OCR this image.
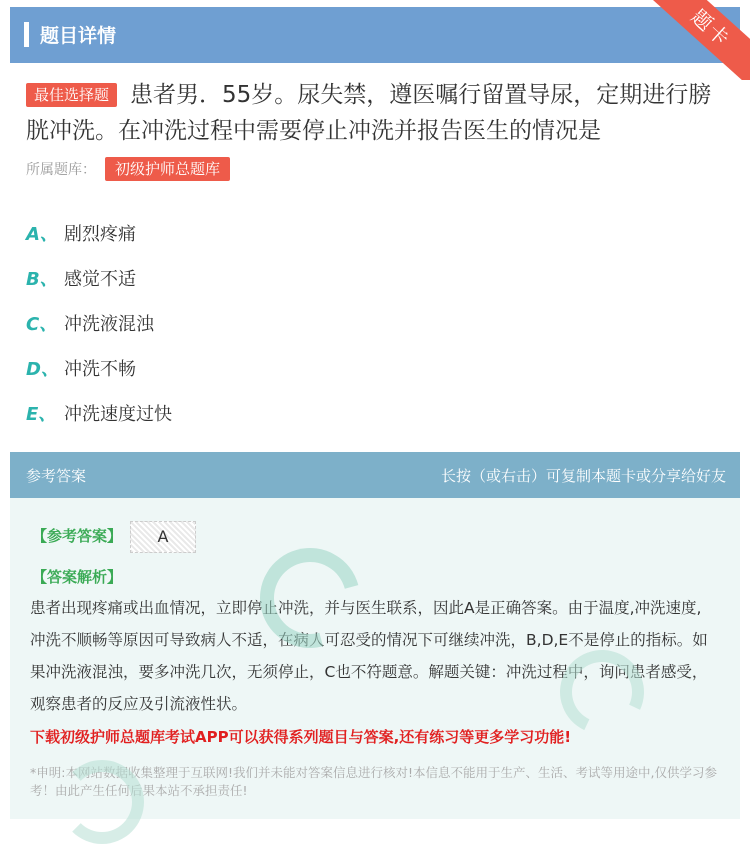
题目详情	题卡
患者男．55岁。尿失禁，遵医嘱行留置导尿，定期进行膀胱冲洗。在冲洗过程中需要停止冲洗并报告医生的情况是
最佳选择题
所属题库：	初级护师总题库
A、 剧烈疼痛
B、 感觉不适
C、 冲洗液混浊
D、 冲洗不畅
E、 冲洗速度过快
参考答案	长按（或右击）可复制本题卡或分享给好友
【参考答案】	A
【答案解析】
患者出现疼痛或出血情况，立即停止冲洗，并与医生联系，因此A是正确答案。由于温度,冲洗速度,冲洗不顺畅等原因可导致病人不适，在病人可忍受的情况下可继续冲洗，B,D,E不是停止的指标。如果冲洗液混浊，要多冲洗几次，无须停止，C也不符题意。解题关键：冲洗过程中，询问患者感受，观察患者的反应及引流液性状。
下载初级护师总题库考试APP可以获得系列题目与答案,还有练习等更多学习功能!
*申明:本网站数据收集整理于互联网!我们并未能对答案信息进行核对!本信息不能用于生产、生活、考试等用途中,仅供学习参考！由此产生任何后果本站不承担责任!
